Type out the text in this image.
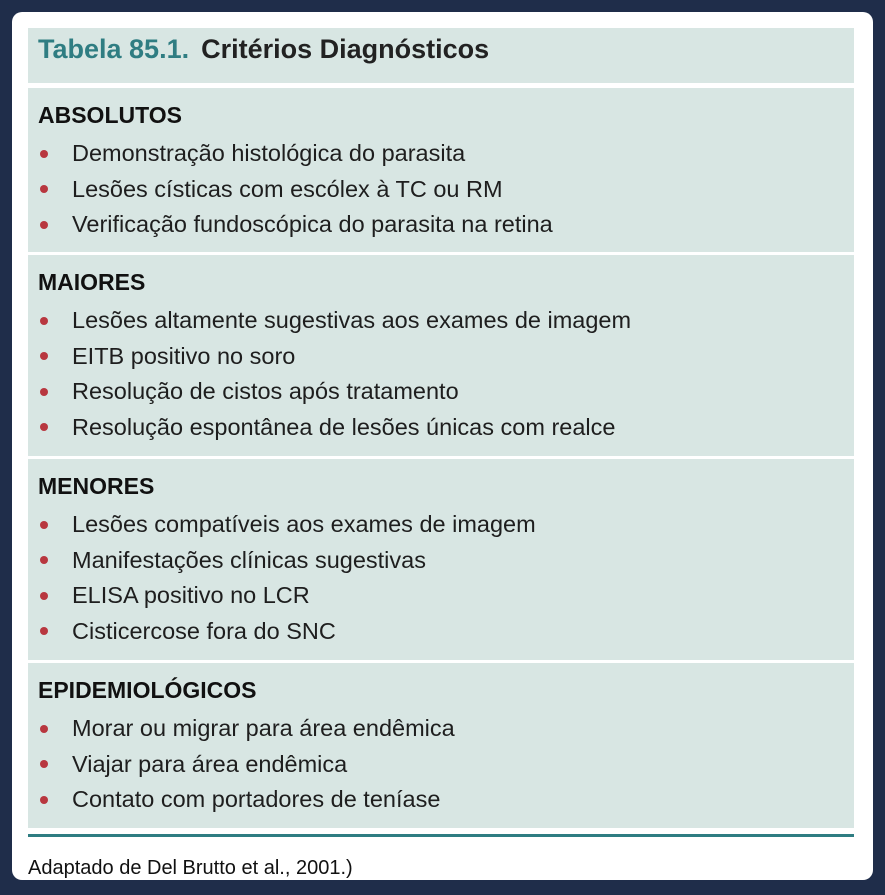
Tabela 85.1. Critérios Diagnósticos
ABSOLUTOS
Demonstração histológica do parasita
Lesões císticas com escólex à TC ou RM
Verificação fundoscópica do parasita na retina
MAIORES
Lesões altamente sugestivas aos exames de imagem
EITB positivo no soro
Resolução de cistos após tratamento
Resolução espontânea de lesões únicas com realce
MENORES
Lesões compatíveis aos exames de imagem
Manifestações clínicas sugestivas
ELISA positivo no LCR
Cisticercose fora do SNC
EPIDEMIOLÓGICOS
Morar ou migrar para área endêmica
Viajar para área endêmica
Contato com portadores de teníase
Adaptado de Del Brutto et al., 2001.)
